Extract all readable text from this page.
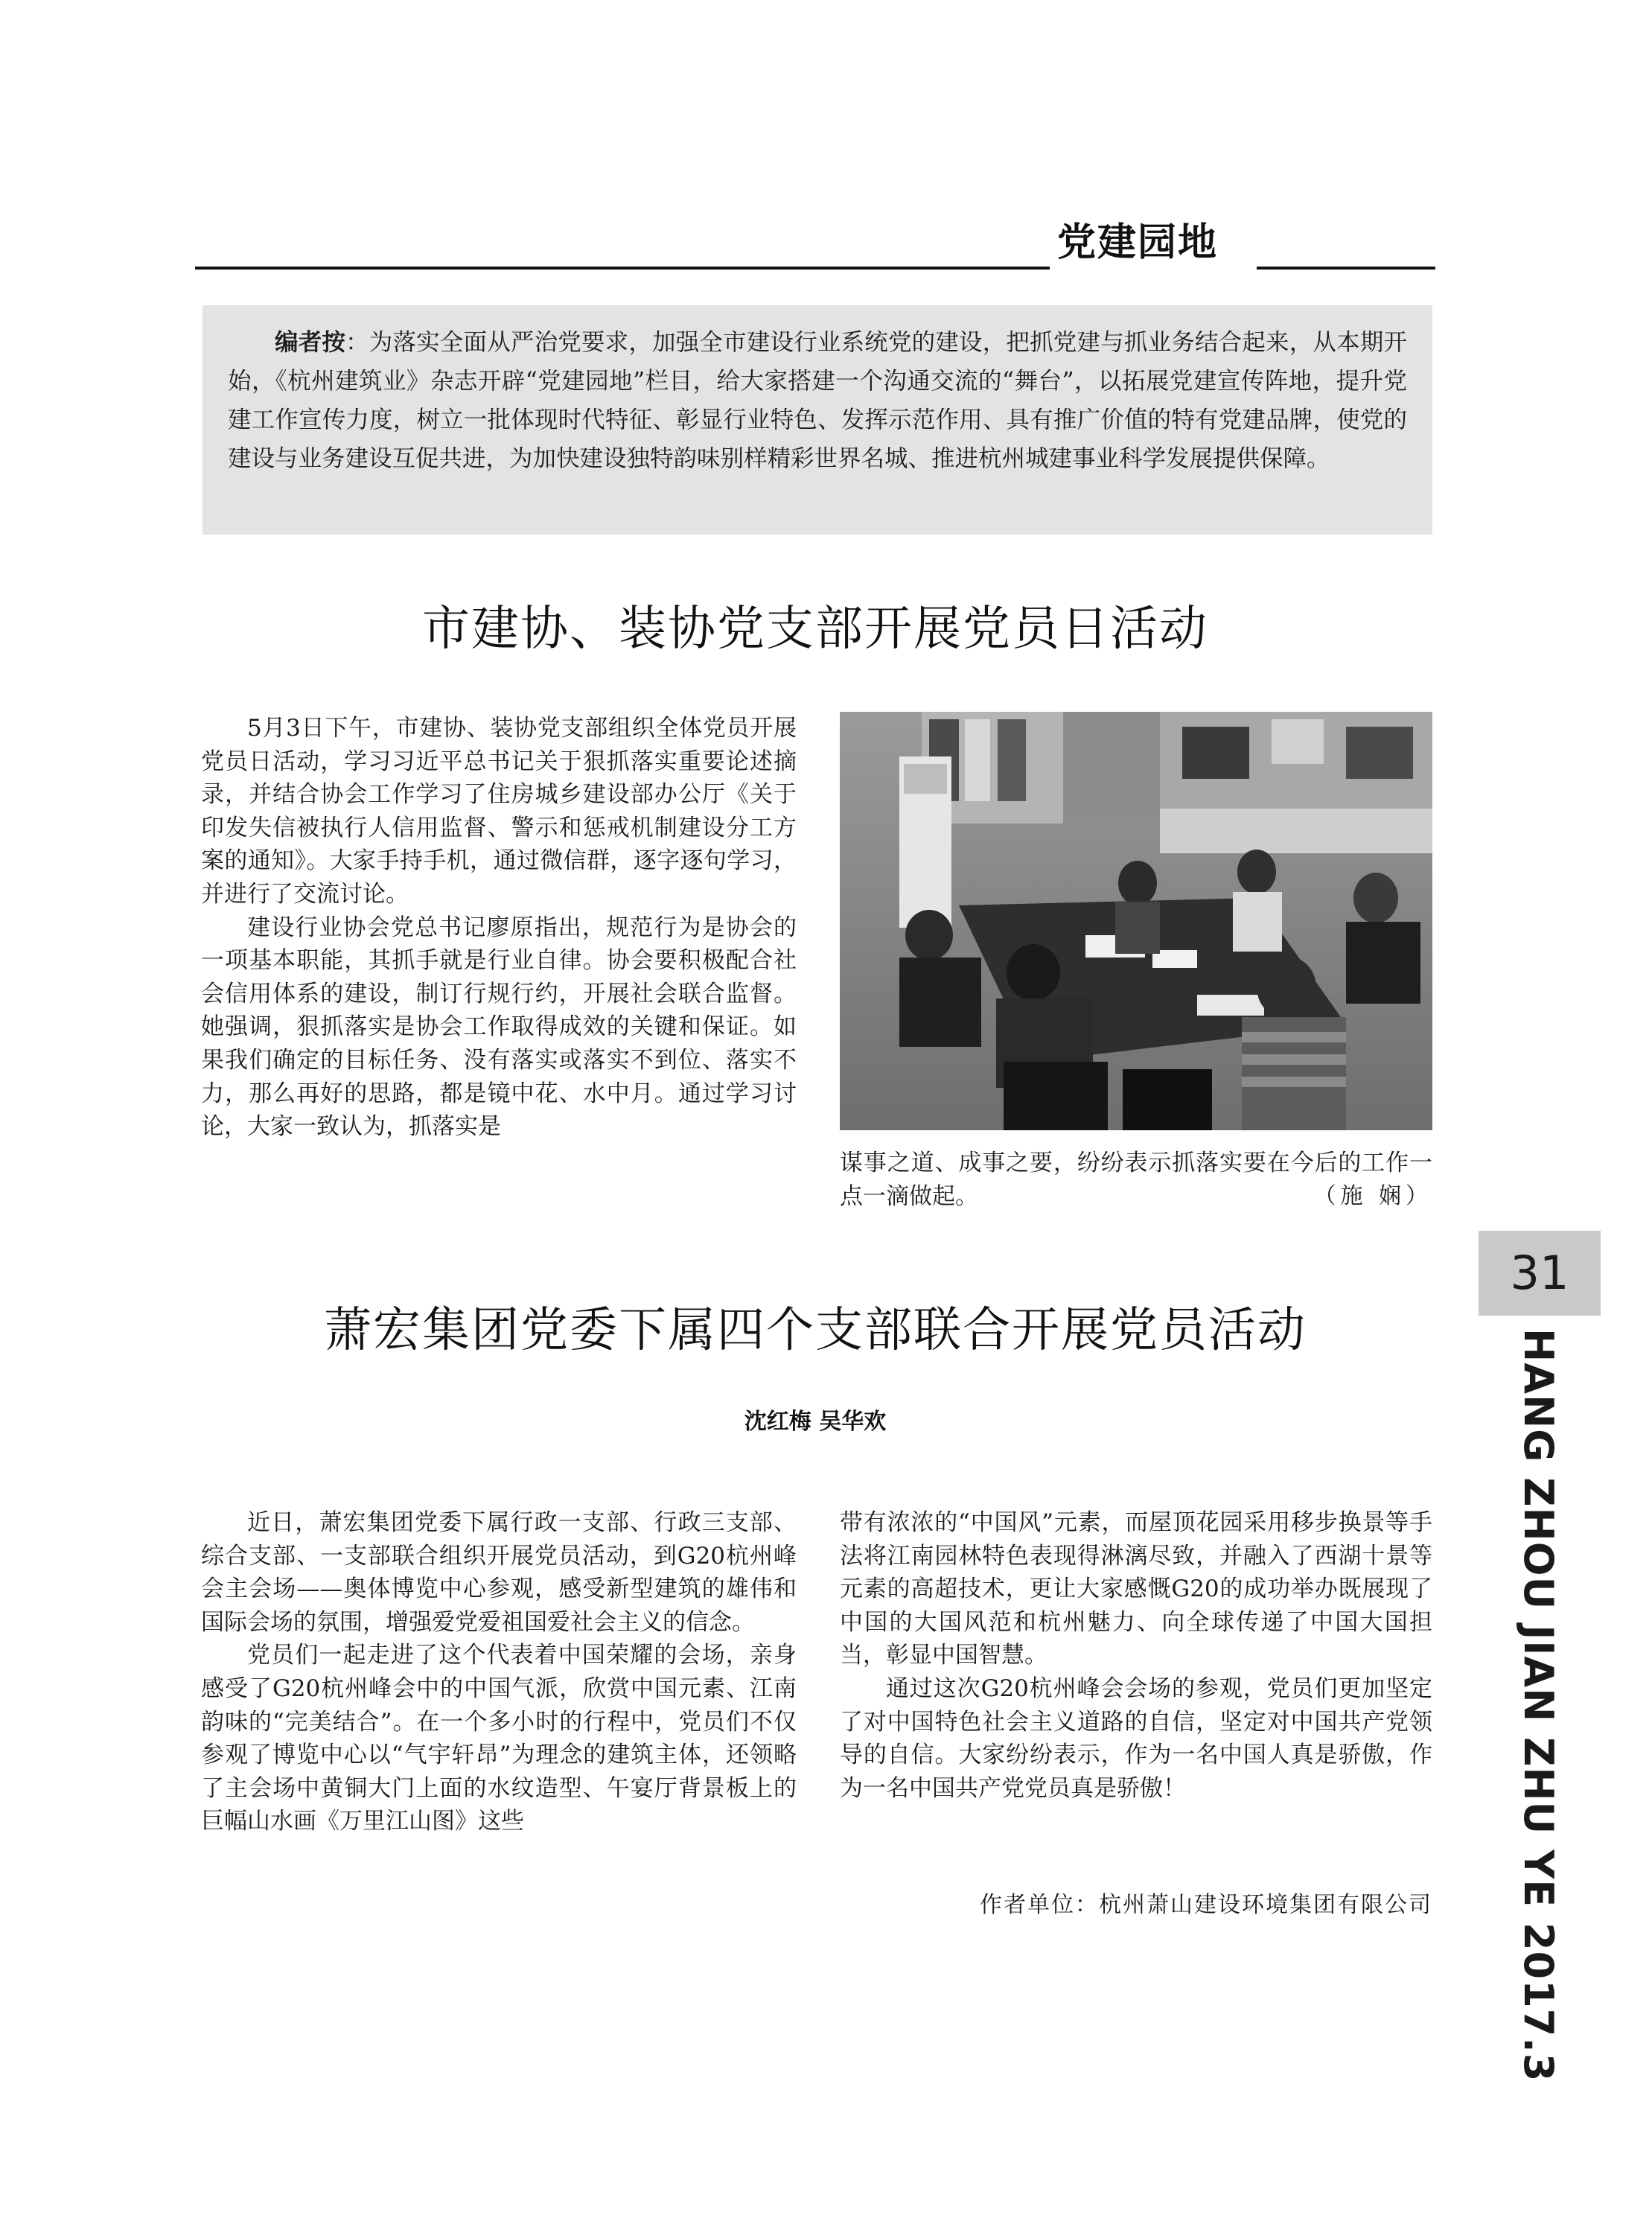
党建园地

编者按：为落实全面从严治党要求，加强全市建设行业系统党的建设，把抓党建与抓业务结合起来，从本期开始，《杭州建筑业》杂志开辟“党建园地”栏目，给大家搭建一个沟通交流的“舞台”，以拓展党建宣传阵地，提升党建工作宣传力度，树立一批体现时代特征、彰显行业特色、发挥示范作用、具有推广价值的特有党建品牌，使党的建设与业务建设互促共进，为加快建设独特韵味别样精彩世界名城、推进杭州城建事业科学发展提供保障。

市建协、装协党支部开展党员日活动

5月3日下午，市建协、装协党支部组织全体党员开展党员日活动，学习习近平总书记关于狠抓落实重要论述摘录，并结合协会工作学习了住房城乡建设部办公厅《关于印发失信被执行人信用监督、警示和惩戒机制建设分工方案的通知》。大家手持手机，通过微信群，逐字逐句学习，并进行了交流讨论。

建设行业协会党总书记廖原指出，规范行为是协会的一项基本职能，其抓手就是行业自律。协会要积极配合社会信用体系的建设，制订行规行约，开展社会联合监督。她强调，狠抓落实是协会工作取得成效的关键和保证。如果我们确定的目标任务、没有落实或落实不到位、落实不力，那么再好的思路，都是镜中花、水中月。通过学习讨论，大家一致认为，抓落实是

谋事之道、成事之要，纷纷表示抓落实要在今后的工作一点一滴做起。	（施 娴）
萧宏集团党委下属四个支部联合开展党员活动
沈红梅 吴华欢

近日，萧宏集团党委下属行政一支部、行政三支部、综合支部、一支部联合组织开展党员活动，到G20杭州峰会主会场——奥体博览中心参观，感受新型建筑的雄伟和国际会场的氛围，增强爱党爱祖国爱社会主义的信念。

党员们一起走进了这个代表着中国荣耀的会场，亲身感受了G20杭州峰会中的中国气派，欣赏中国元素、江南韵味的“完美结合”。在一个多小时的行程中，党员们不仅参观了博览中心以“气宇轩昂”为理念的建筑主体，还领略了主会场中黄铜大门上面的水纹造型、午宴厅背景板上的巨幅山水画《万里江山图》这些

带有浓浓的“中国风”元素，而屋顶花园采用移步换景等手法将江南园林特色表现得淋漓尽致，并融入了西湖十景等元素的高超技术，更让大家感慨G20的成功举办既展现了中国的大国风范和杭州魅力、向全球传递了中国大国担当，彰显中国智慧。

通过这次G20杭州峰会会场的参观，党员们更加坚定了对中国特色社会主义道路的自信，坚定对中国共产党领导的自信。大家纷纷表示，作为一名中国人真是骄傲，作为一名中国共产党党员真是骄傲！

作者单位：杭州萧山建设环境集团有限公司
31
HANG ZHOU JIAN ZHU YE 2017.3
